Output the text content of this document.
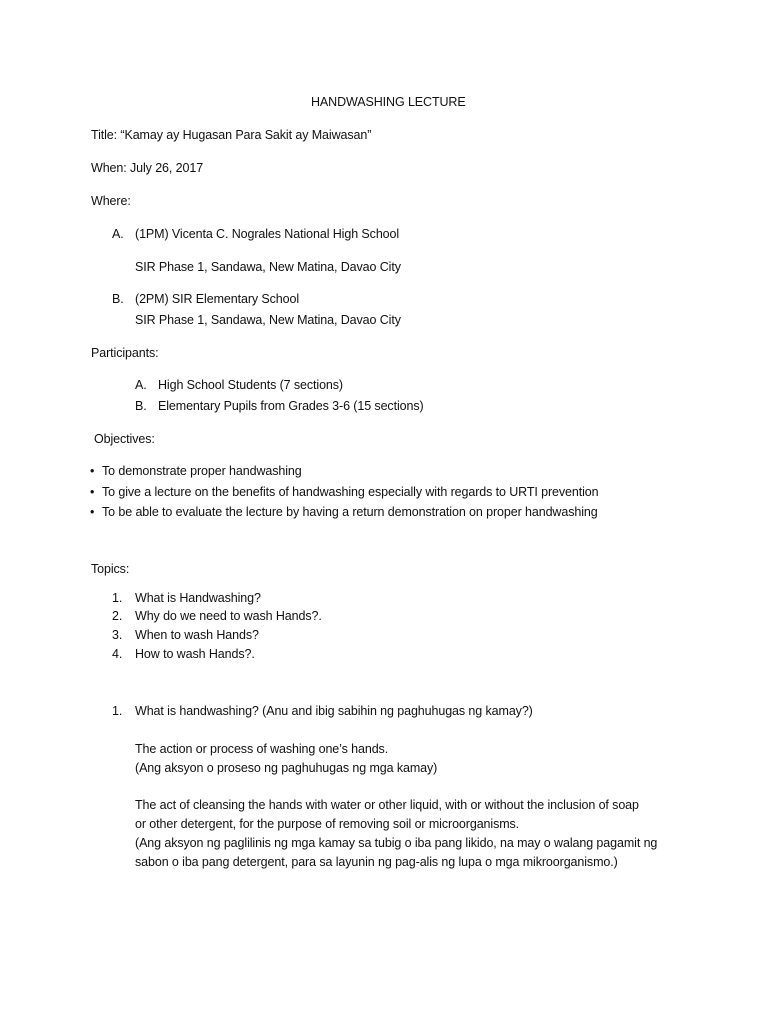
HANDWASHING LECTURE
Title: “Kamay ay Hugasan Para Sakit ay Maiwasan”
When: July 26, 2017
Where:
A. (1PM) Vicenta C. Nograles National High School
SIR Phase 1, Sandawa, New Matina, Davao City
B. (2PM) SIR Elementary School
SIR Phase 1, Sandawa, New Matina, Davao City
Participants:
A. High School Students (7 sections)
B. Elementary Pupils from Grades 3-6 (15 sections)
Objectives:
• To demonstrate proper handwashing
• To give a lecture on the benefits of handwashing especially with regards to URTI prevention
• To be able to evaluate the lecture by having a return demonstration on proper handwashing
Topics:
1. What is Handwashing?
2. Why do we need to wash Hands?.
3. When to wash Hands?
4. How to wash Hands?.
1. What is handwashing? (Anu and ibig sabihin ng paghuhugas ng kamay?)
The action or process of washing one’s hands.
(Ang aksyon o proseso ng paghuhugas ng mga kamay)
The act of cleansing the hands with water or other liquid, with or without the inclusion of soap
or other detergent, for the purpose of removing soil or microorganisms.
(Ang aksyon ng paglilinis ng mga kamay sa tubig o iba pang likido, na may o walang pagamit ng
sabon o iba pang detergent, para sa layunin ng pag-alis ng lupa o mga mikroorganismo.)
